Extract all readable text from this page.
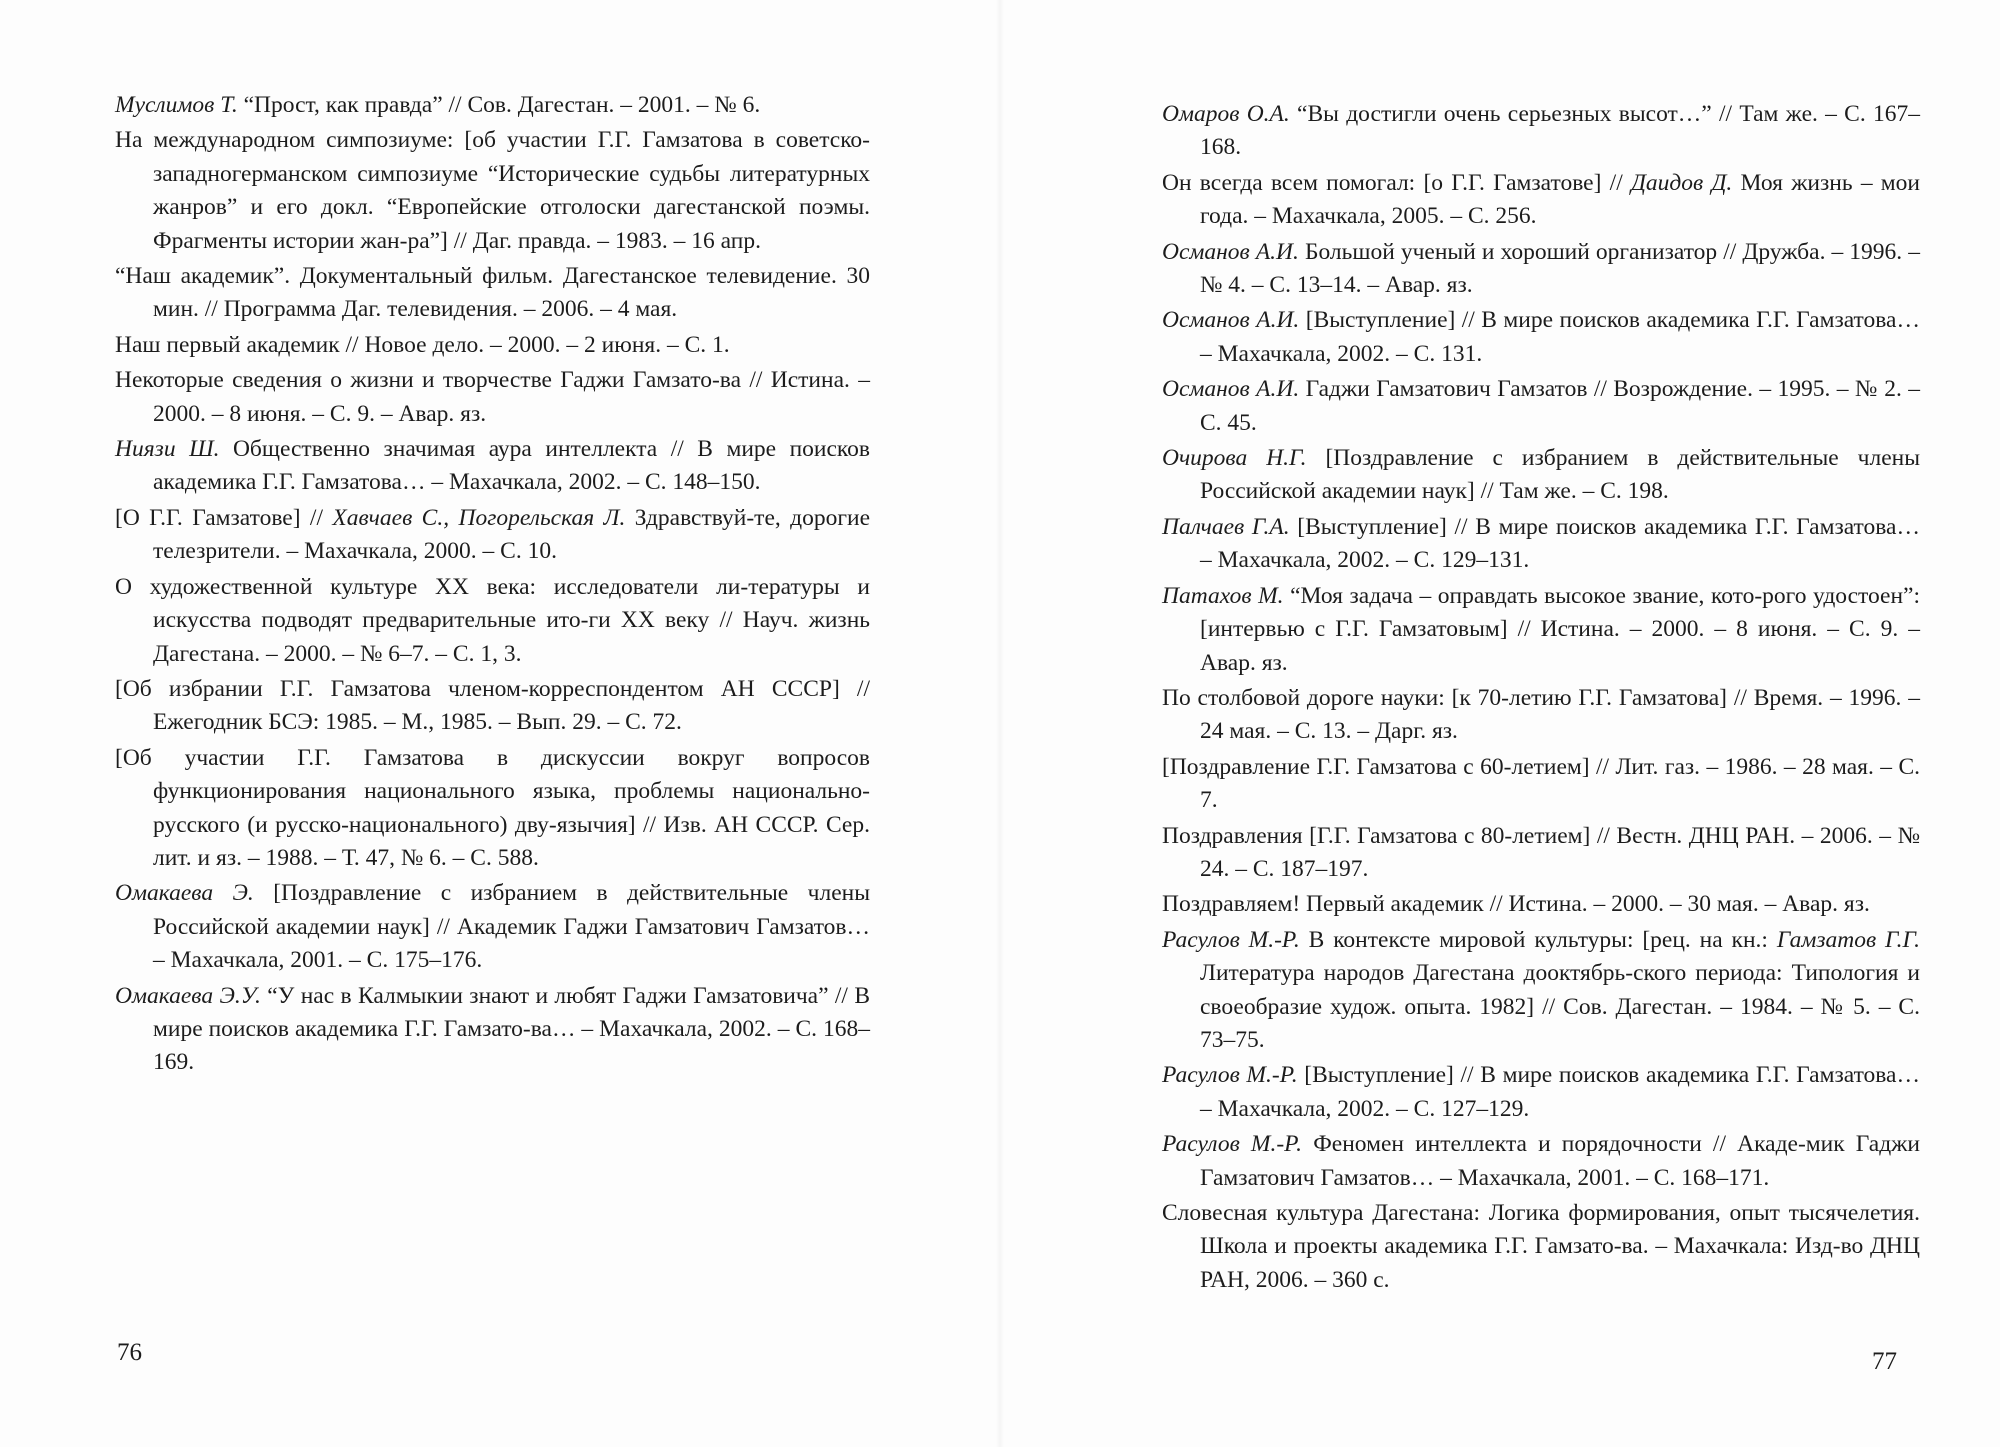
Муслимов Т. “Прост, как правда” // Сов. Дагестан. – 2001. – № 6.
На международном симпозиуме: [об участии Г.Г. Гамзатова в советско-западногерманском симпозиуме “Исторические судьбы литературных жанров” и его докл. “Европейские отголоски дагестанской поэмы. Фрагменты истории жан-ра”] // Даг. правда. – 1983. – 16 апр.
“Наш академик”. Документальный фильм. Дагестанское телевидение. 30 мин. // Программа Даг. телевидения. – 2006. – 4 мая.
Наш первый академик // Новое дело. – 2000. – 2 июня. – С. 1.
Некоторые сведения о жизни и творчестве Гаджи Гамзато-ва // Истина. – 2000. – 8 июня. – С. 9. – Авар. яз.
Ниязи Ш. Общественно значимая аура интеллекта // В мире поисков академика Г.Г. Гамзатова… – Махачкала, 2002. – С. 148–150.
[О Г.Г. Гамзатове] // Хавчаев С., Погорельская Л. Здравствуй-те, дорогие телезрители. – Махачкала, 2000. – С. 10.
О художественной культуре XX века: исследователи ли-тературы и искусства подводят предварительные ито-ги XX веку // Науч. жизнь Дагестана. – 2000. – № 6–7. – С. 1, 3.
[Об избрании Г.Г. Гамзатова членом-корреспондентом АН СССР] // Ежегодник БСЭ: 1985. – М., 1985. – Вып. 29. – С. 72.
[Об участии Г.Г. Гамзатова в дискуссии вокруг вопросов функционирования национального языка, проблемы национально-русского (и русско-национального) дву-язычия] // Изв. АН СССР. Сер. лит. и яз. – 1988. – Т. 47, № 6. – С. 588.
Омакаева Э. [Поздравление с избранием в действительные члены Российской академии наук] // Академик Гаджи Гамзатович Гамзатов… – Махачкала, 2001. – С. 175–176.
Омакаева Э.У. “У нас в Калмыкии знают и любят Гаджи Гамзатовича” // В мире поисков академика Г.Г. Гамзато-ва… – Махачкала, 2002. – С. 168–169.
76
Омаров О.А. “Вы достигли очень серьезных высот…” // Там же. – С. 167–168.
Он всегда всем помогал: [о Г.Г. Гамзатове] // Даидов Д. Моя жизнь – мои года. – Махачкала, 2005. – С. 256.
Османов А.И. Большой ученый и хороший организатор // Дружба. – 1996. – № 4. – С. 13–14. – Авар. яз.
Османов А.И. [Выступление] // В мире поисков академика Г.Г. Гамзатова… – Махачкала, 2002. – С. 131.
Османов А.И. Гаджи Гамзатович Гамзатов // Возрождение. – 1995. – № 2. – С. 45.
Очирова Н.Г. [Поздравление с избранием в действительные члены Российской академии наук] // Там же. – С. 198.
Палчаев Г.А. [Выступление] // В мире поисков академика Г.Г. Гамзатова… – Махачкала, 2002. – С. 129–131.
Патахов М. “Моя задача – оправдать высокое звание, кото-рого удостоен”: [интервью с Г.Г. Гамзатовым] // Истина. – 2000. – 8 июня. – С. 9. – Авар. яз.
По столбовой дороге науки: [к 70-летию Г.Г. Гамзатова] // Время. – 1996. – 24 мая. – С. 13. – Дарг. яз.
[Поздравление Г.Г. Гамзатова с 60-летием] // Лит. газ. – 1986. – 28 мая. – С. 7.
Поздравления [Г.Г. Гамзатова с 80-летием] // Вестн. ДНЦ РАН. – 2006. – № 24. – С. 187–197.
Поздравляем! Первый академик // Истина. – 2000. – 30 мая. – Авар. яз.
Расулов М.-Р. В контексте мировой культуры: [рец. на кн.: Гамзатов Г.Г. Литература народов Дагестана доoктябрь-ского периода: Типология и своеобразие худож. опыта. 1982] // Сов. Дагестан. – 1984. – № 5. – С. 73–75.
Расулов М.-Р. [Выступление] // В мире поисков академика Г.Г. Гамзатова… – Махачкала, 2002. – С. 127–129.
Расулов М.-Р. Феномен интеллекта и порядочности // Акаде-мик Гаджи Гамзатович Гамзатов… – Махачкала, 2001. – С. 168–171.
Словесная культура Дагестана: Логика формирования, опыт тысячелетия. Школа и проекты академика Г.Г. Гамзато-ва. – Махачкала: Изд-во ДНЦ РАН, 2006. – 360 с.
77
